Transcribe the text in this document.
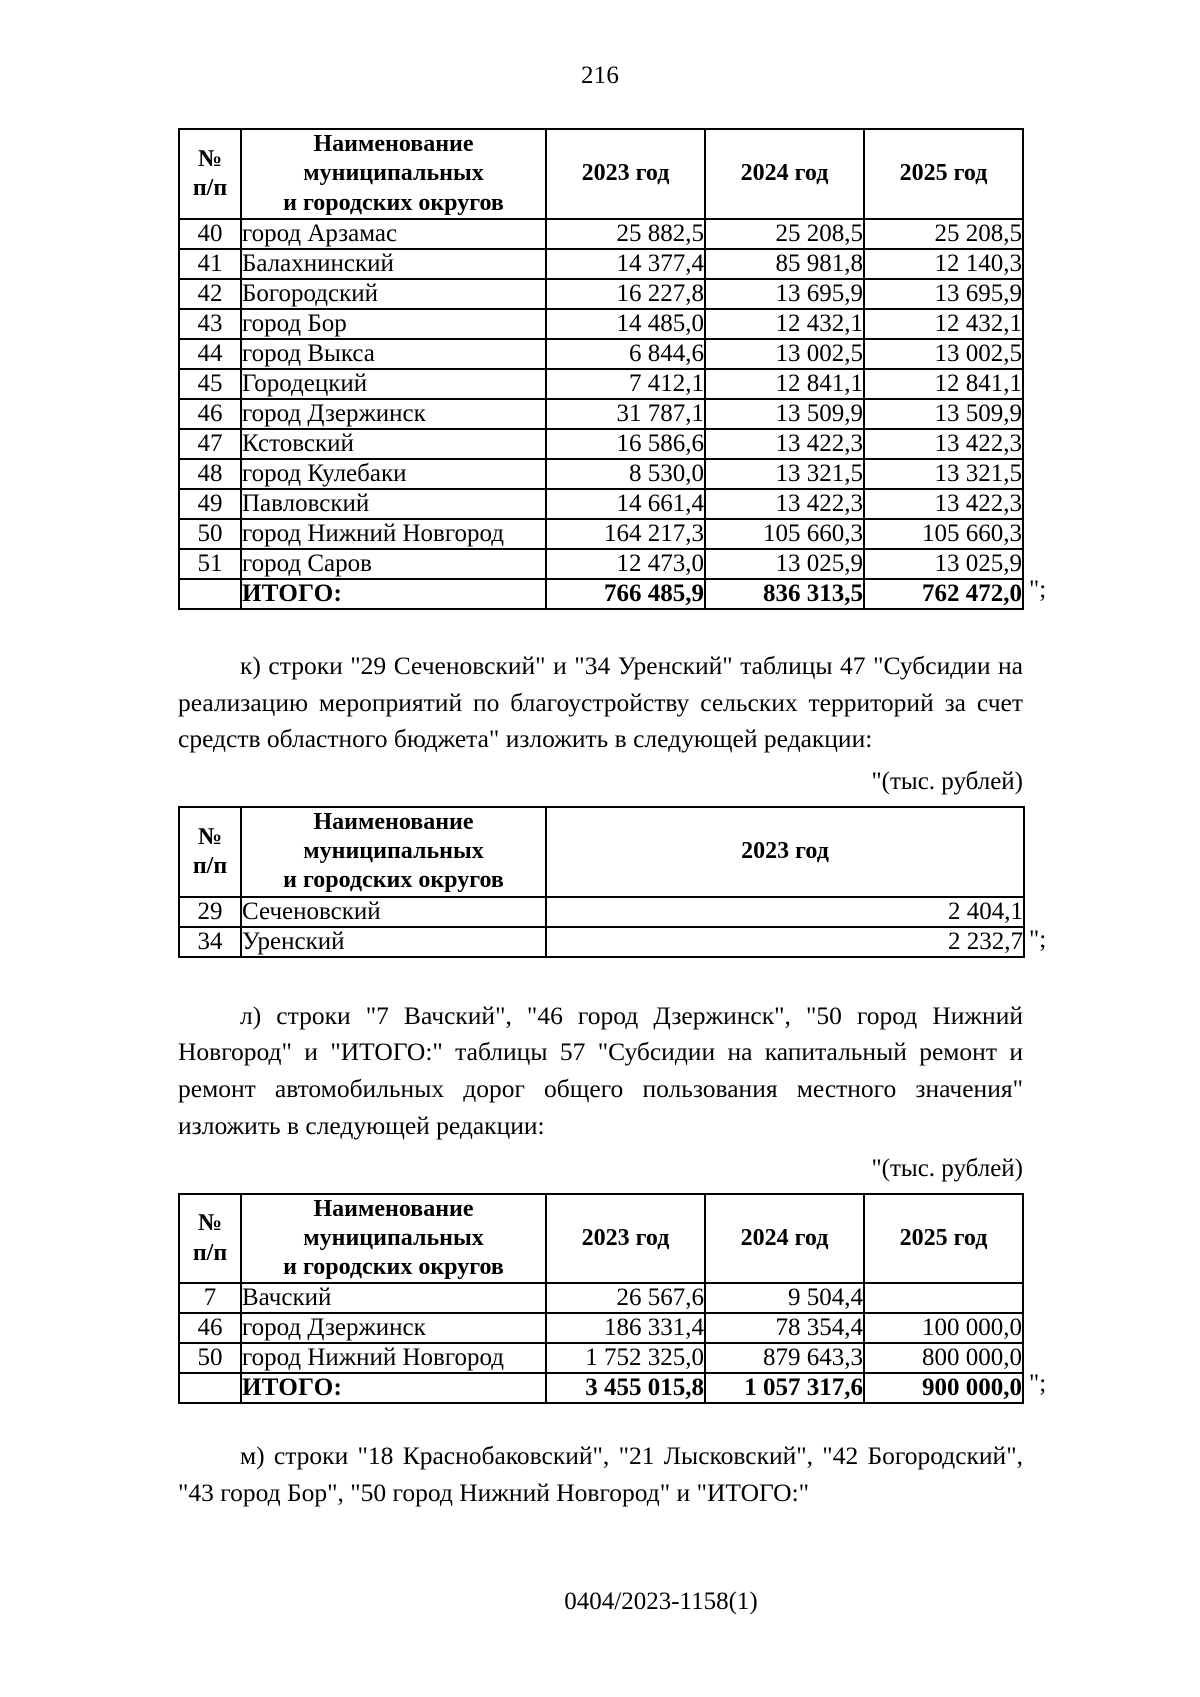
216
№
п/п	Наименование
муниципальных
и городских округов	2023 год	2024 год	2025 год
40	город Арзамас	25 882,5	25 208,5	25 208,5
41	Балахнинский	14 377,4	85 981,8	12 140,3
42	Богородский	16 227,8	13 695,9	13 695,9
43	город Бор	14 485,0	12 432,1	12 432,1
44	город Выкса	6 844,6	13 002,5	13 002,5
45	Городецкий	7 412,1	12 841,1	12 841,1
46	город Дзержинск	31 787,1	13 509,9	13 509,9
47	Кстовский	16 586,6	13 422,3	13 422,3
48	город Кулебаки	8 530,0	13 321,5	13 321,5
49	Павловский	14 661,4	13 422,3	13 422,3
50	город Нижний Новгород	164 217,3	105 660,3	105 660,3
51	город Саров	12 473,0	13 025,9	13 025,9
	ИТОГО:	766 485,9	836 313,5	762 472,0 ";

к) строки "29 Сеченовский" и "34 Уренский" таблицы 47 "Субсидии на реализацию мероприятий по благоустройству сельских территорий за счет средств областного бюджета" изложить в следующей редакции:

"(тыс. рублей)
№
п/п	Наименование
муниципальных
и городских округов	2023 год
29	Сеченовский	2 404,1
34	Уренский	2 232,7 ";

л) строки "7 Вачский", "46 город Дзержинск", "50 город Нижний Новгород" и "ИТОГО:" таблицы 57 "Субсидии на капитальный ремонт и ремонт автомобильных дорог общего пользования местного значения" изложить в следующей редакции:

"(тыс. рублей)
№
п/п	Наименование
муниципальных
и городских округов	2023 год	2024 год	2025 год
7	Вачский	26 567,6	9 504,4	
46	город Дзержинск	186 331,4	78 354,4	100 000,0
50	город Нижний Новгород	1 752 325,0	879 643,3	800 000,0
	ИТОГО:	3 455 015,8	1 057 317,6	900 000,0 ";

м) строки "18 Краснобаковский", "21 Лысковский", "42 Богородский", "43 город Бор", "50 город Нижний Новгород" и "ИТОГО:"

0404/2023-1158(1)
